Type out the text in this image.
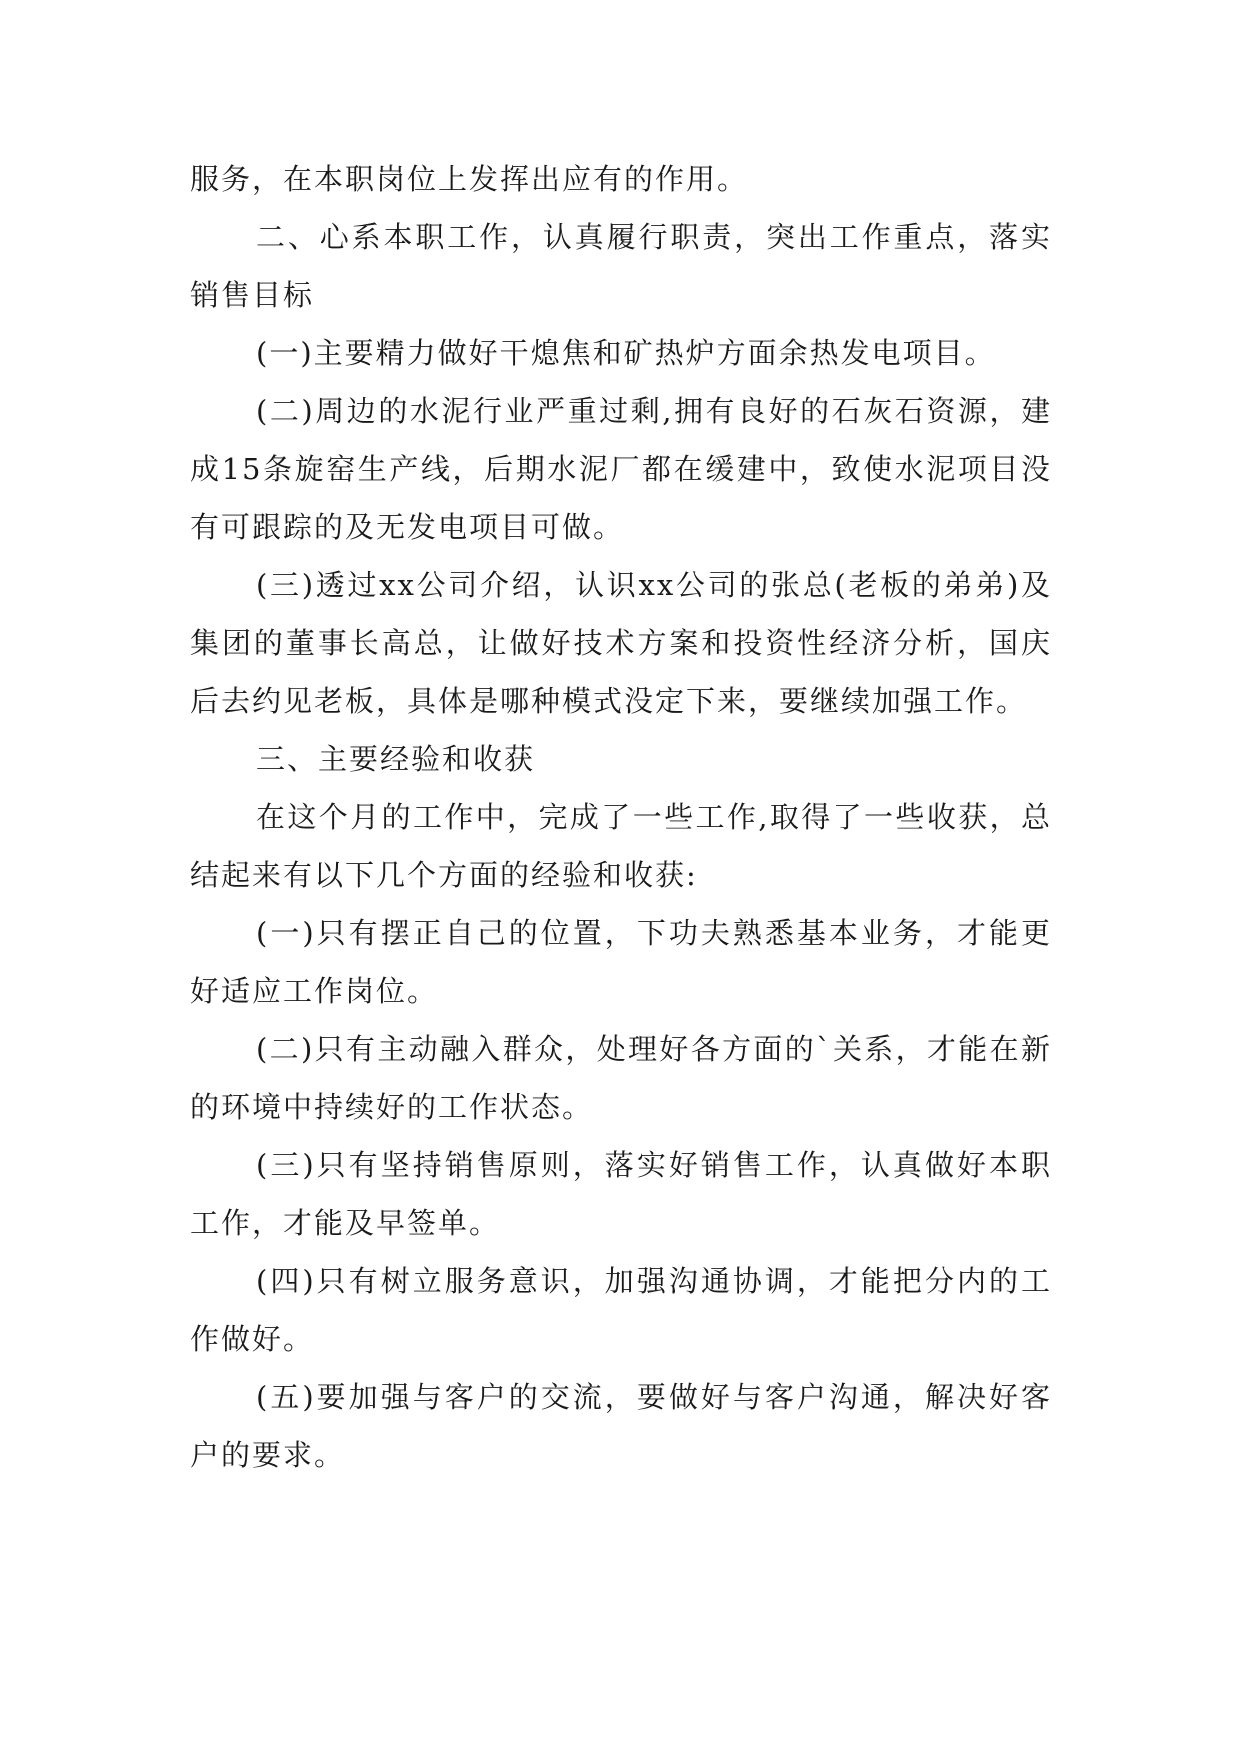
服务，在本职岗位上发挥出应有的作用。

二、心系本职工作，认真履行职责，突出工作重点，落实销售目标

(一)主要精力做好干熄焦和矿热炉方面余热发电项目。

(二)周边的水泥行业严重过剩,拥有良好的石灰石资源，建成15条旋窑生产线，后期水泥厂都在缓建中，致使水泥项目没有可跟踪的及无发电项目可做。

(三)透过xx公司介绍，认识xx公司的张总(老板的弟弟)及集团的董事长高总，让做好技术方案和投资性经济分析，国庆后去约见老板，具体是哪种模式没定下来，要继续加强工作。

三、主要经验和收获

在这个月的工作中，完成了一些工作,取得了一些收获，总结起来有以下几个方面的经验和收获:

(一)只有摆正自己的位置，下功夫熟悉基本业务，才能更好适应工作岗位。

(二)只有主动融入群众，处理好各方面的`关系，才能在新的环境中持续好的工作状态。

(三)只有坚持销售原则，落实好销售工作，认真做好本职工作，才能及早签单。

(四)只有树立服务意识，加强沟通协调，才能把分内的工作做好。

(五)要加强与客户的交流，要做好与客户沟通，解决好客户的要求。
